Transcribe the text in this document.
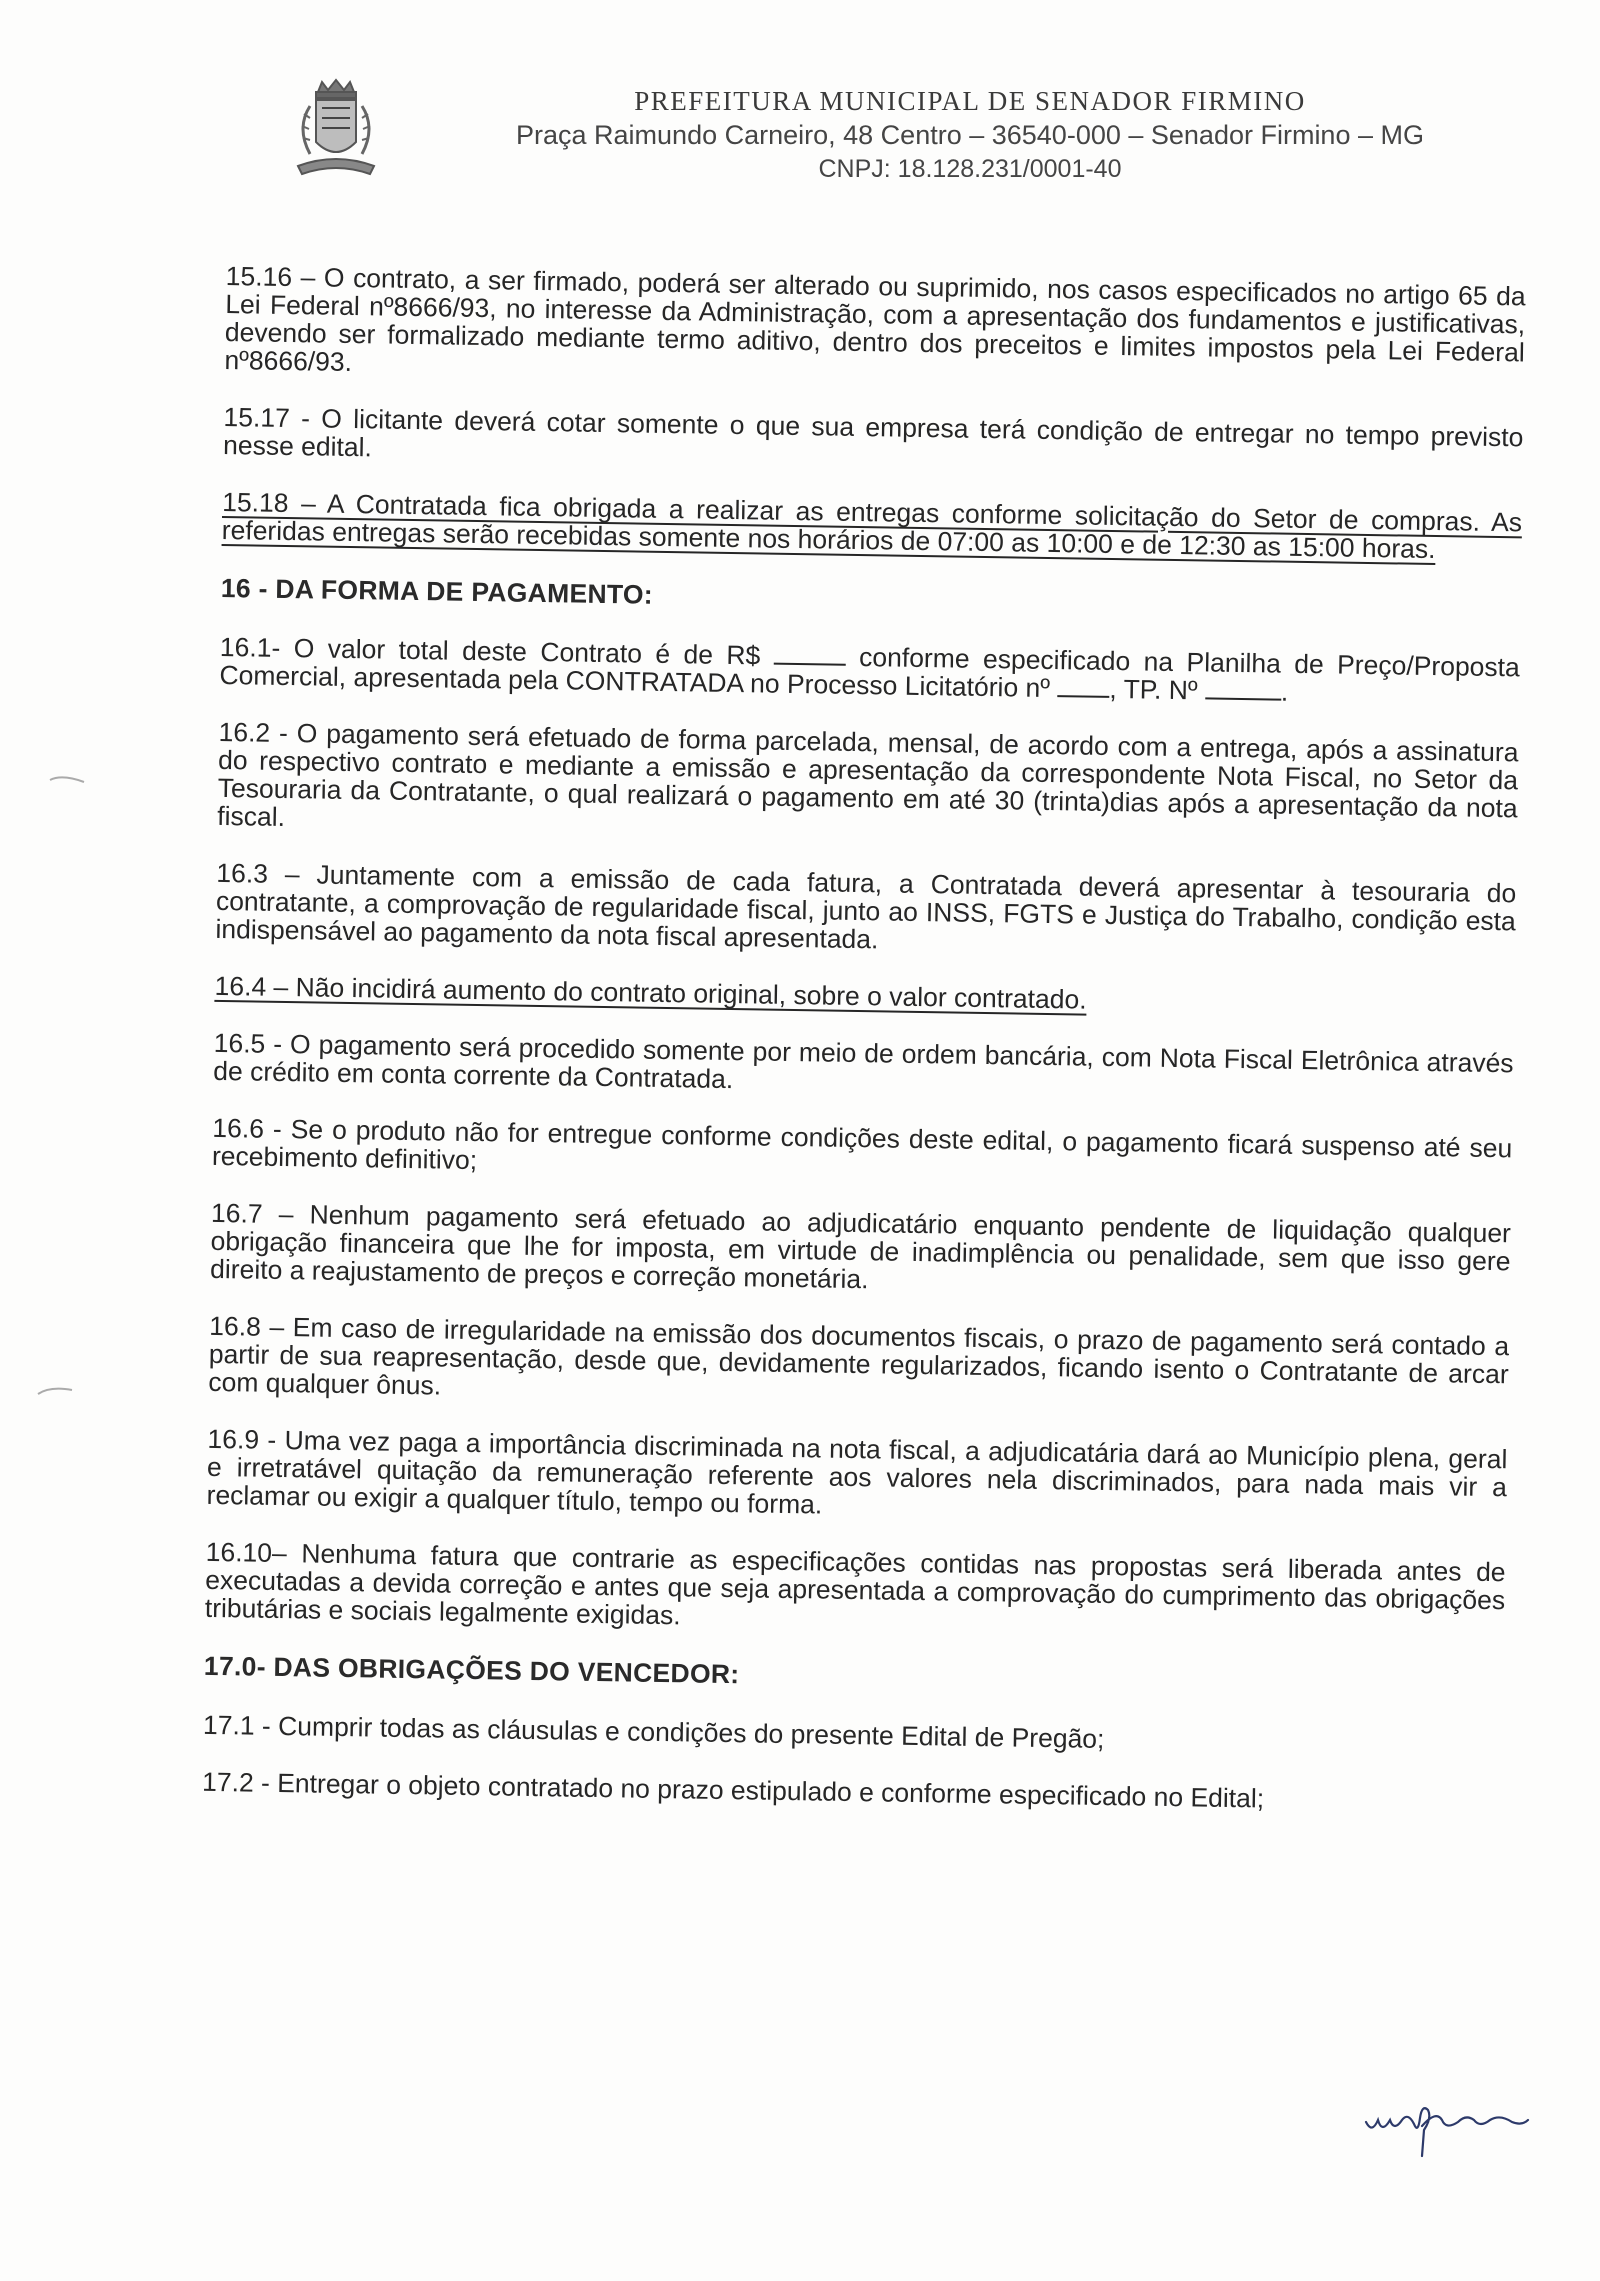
PREFEITURA MUNICIPAL DE SENADOR FIRMINO
Praça Raimundo Carneiro, 48 Centro – 36540-000 – Senador Firmino – MG
CNPJ: 18.128.231/0001-40

15.16 – O contrato, a ser firmado, poderá ser alterado ou suprimido, nos casos especificados no artigo 65 da Lei Federal nº8666/93, no interesse da Administração, com a apresentação dos fundamentos e justificativas, devendo ser formalizado mediante termo aditivo, dentro dos preceitos e limites impostos pela Lei Federal nº8666/93.

15.17 - O licitante deverá cotar somente o que sua empresa terá condição de entregar no tempo previsto nesse edital.

15.18 – A Contratada fica obrigada a realizar as entregas conforme solicitação do Setor de compras. As referidas entregas serão recebidas somente nos horários de 07:00 as 10:00 e de 12:30 as 15:00 horas.

16 - DA FORMA DE PAGAMENTO:

16.1- O valor total deste Contrato é de R$	conforme especificado na Planilha de Preço/Proposta Comercial, apresentada pela CONTRATADA no Processo Licitatório nº , TP. Nº	.

16.2 - O pagamento será efetuado de forma parcelada, mensal, de acordo com a entrega, após a assinatura do respectivo contrato e mediante a emissão e apresentação da correspondente Nota Fiscal, no Setor da Tesouraria da Contratante, o qual realizará o pagamento em até 30 (trinta)dias após a apresentação da nota fiscal.

16.3 – Juntamente com a emissão de cada fatura, a Contratada deverá apresentar à tesouraria do contratante, a comprovação de regularidade fiscal, junto ao INSS, FGTS e Justiça do Trabalho, condição esta indispensável ao pagamento da nota fiscal apresentada.

16.4 – Não incidirá aumento do contrato original, sobre o valor contratado.

16.5 - O pagamento será procedido somente por meio de ordem bancária, com Nota Fiscal Eletrônica através de crédito em conta corrente da Contratada.

16.6 - Se o produto não for entregue conforme condições deste edital, o pagamento ficará suspenso até seu recebimento definitivo;

16.7 – Nenhum pagamento será efetuado ao adjudicatário enquanto pendente de liquidação qualquer obrigação financeira que lhe for imposta, em virtude de inadimplência ou penalidade, sem que isso gere direito a reajustamento de preços e correção monetária.

16.8 – Em caso de irregularidade na emissão dos documentos fiscais, o prazo de pagamento será contado a partir de sua reapresentação, desde que, devidamente regularizados, ficando isento o Contratante de arcar com qualquer ônus.

16.9 - Uma vez paga a importância discriminada na nota fiscal, a adjudicatária dará ao Município plena, geral e irretratável quitação da remuneração referente aos valores nela discriminados, para nada mais vir a reclamar ou exigir a qualquer título, tempo ou forma.

16.10– Nenhuma fatura que contrarie as especificações contidas nas propostas será liberada antes de executadas a devida correção e antes que seja apresentada a comprovação do cumprimento das obrigações tributárias e sociais legalmente exigidas.

17.0- DAS OBRIGAÇÕES DO VENCEDOR:

17.1 - Cumprir todas as cláusulas e condições do presente Edital de Pregão;

17.2 - Entregar o objeto contratado no prazo estipulado e conforme especificado no Edital;
